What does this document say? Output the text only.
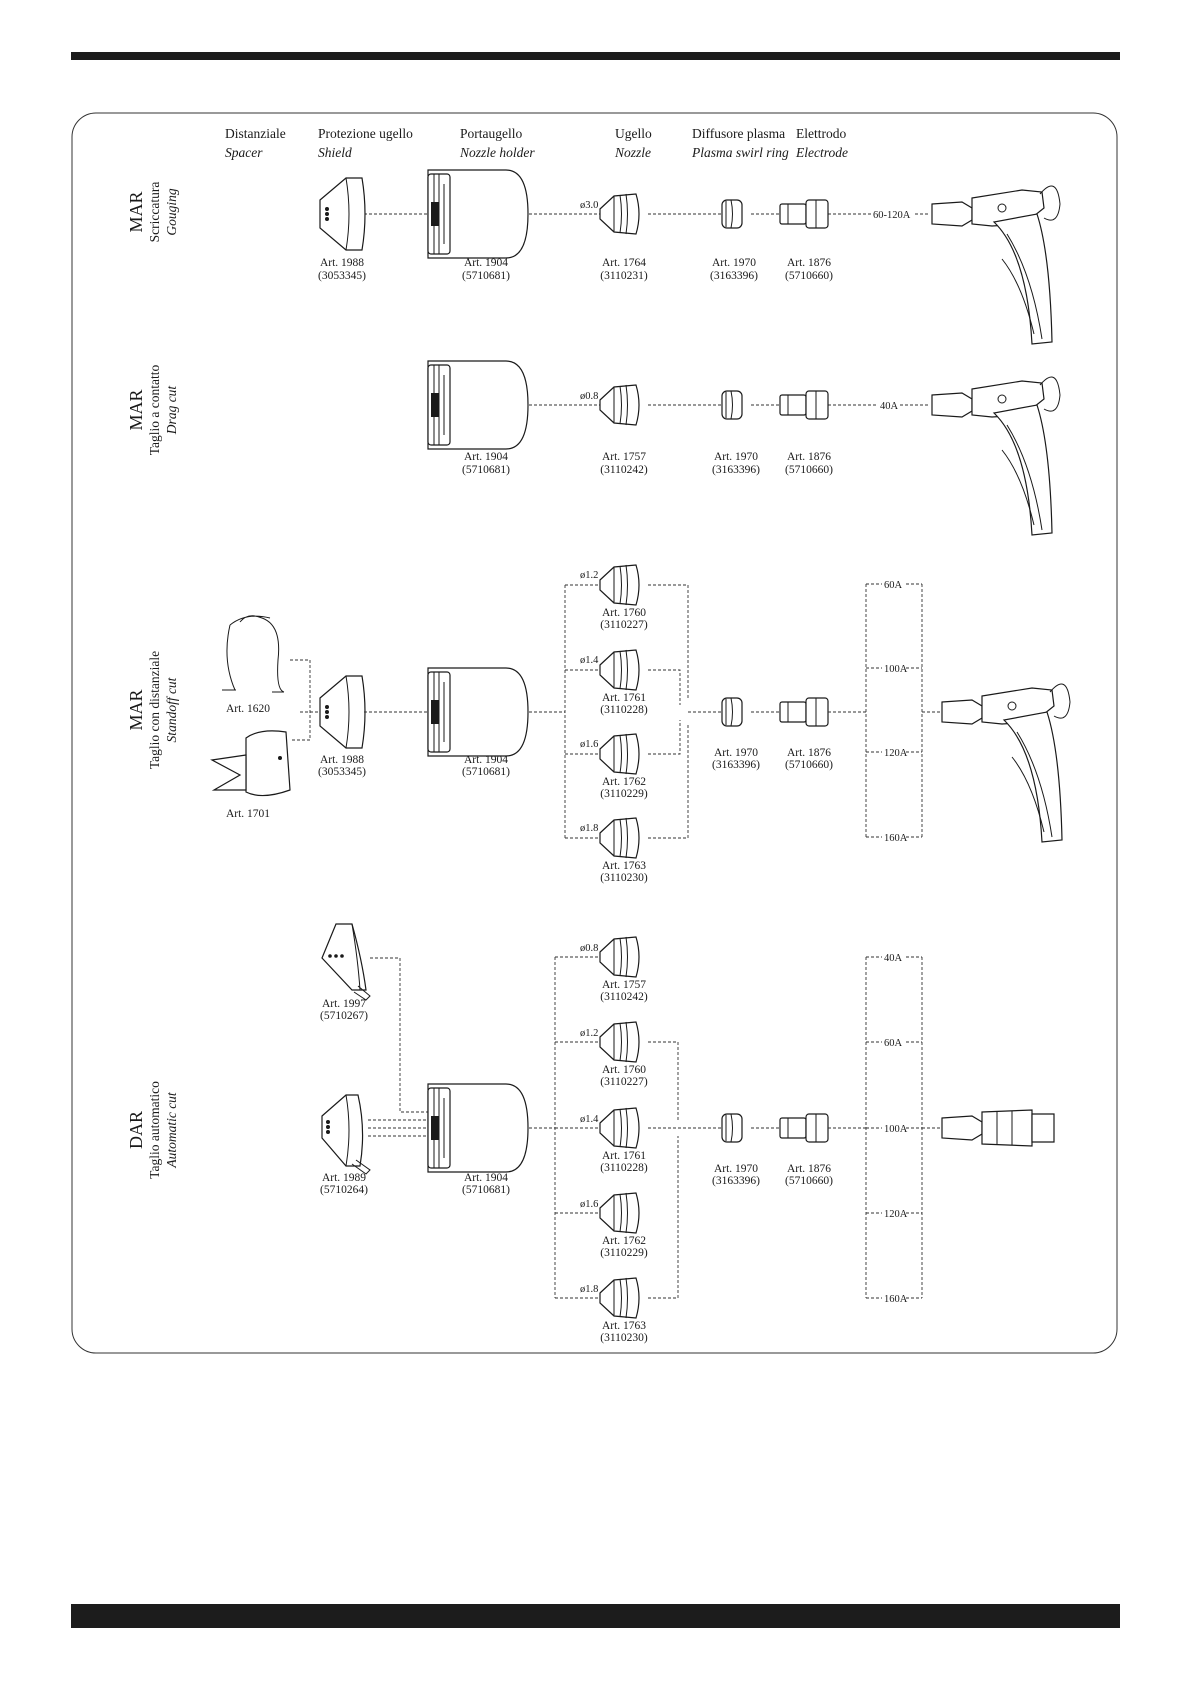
Distanziale
Spacer
Protezione ugello
Shield
Portaugello
Nozzle holder
Ugello
Nozzle
Diffusore plasma
Plasma swirl ring
Elettrodo
Electrode
MAR Scriccatura Gouging
MAR Taglio a contatto Drag cut
MAR Taglio con distanziale Standoff cut
DAR Taglio automatico Automatic cut
ø3.0
60-120A
Art. 1988
(3053345)
Art. 1904
(5710681)
Art. 1764
(3110231)
Art. 1970
(3163396)
Art. 1876
(5710660)
ø0.8
40A
Art. 1904
(5710681)
Art. 1757
(3110242)
Art. 1970
(3163396)
Art. 1876
(5710660)
Art. 1620
Art. 1701
ø1.2
ø1.4
ø1.6
ø1.8
Art. 1760
(3110227)
Art. 1761
(3110228)
Art. 1762
(3110229)
Art. 1763
(3110230)
Art. 1988
(3053345)
Art. 1904
(5710681)
Art. 1970
(3163396)
Art. 1876
(5710660)
60A
100A
120A
160A
Art. 1997
(5710267)
Art. 1989
(5710264)
Art. 1904
(5710681)
ø0.8
ø1.2
ø1.4
ø1.6
ø1.8
Art. 1757
(3110242)
Art. 1760
(3110227)
Art. 1761
(3110228)
Art. 1762
(3110229)
Art. 1763
(3110230)
Art. 1970
(3163396)
Art. 1876
(5710660)
40A
60A
100A
120A
160A
